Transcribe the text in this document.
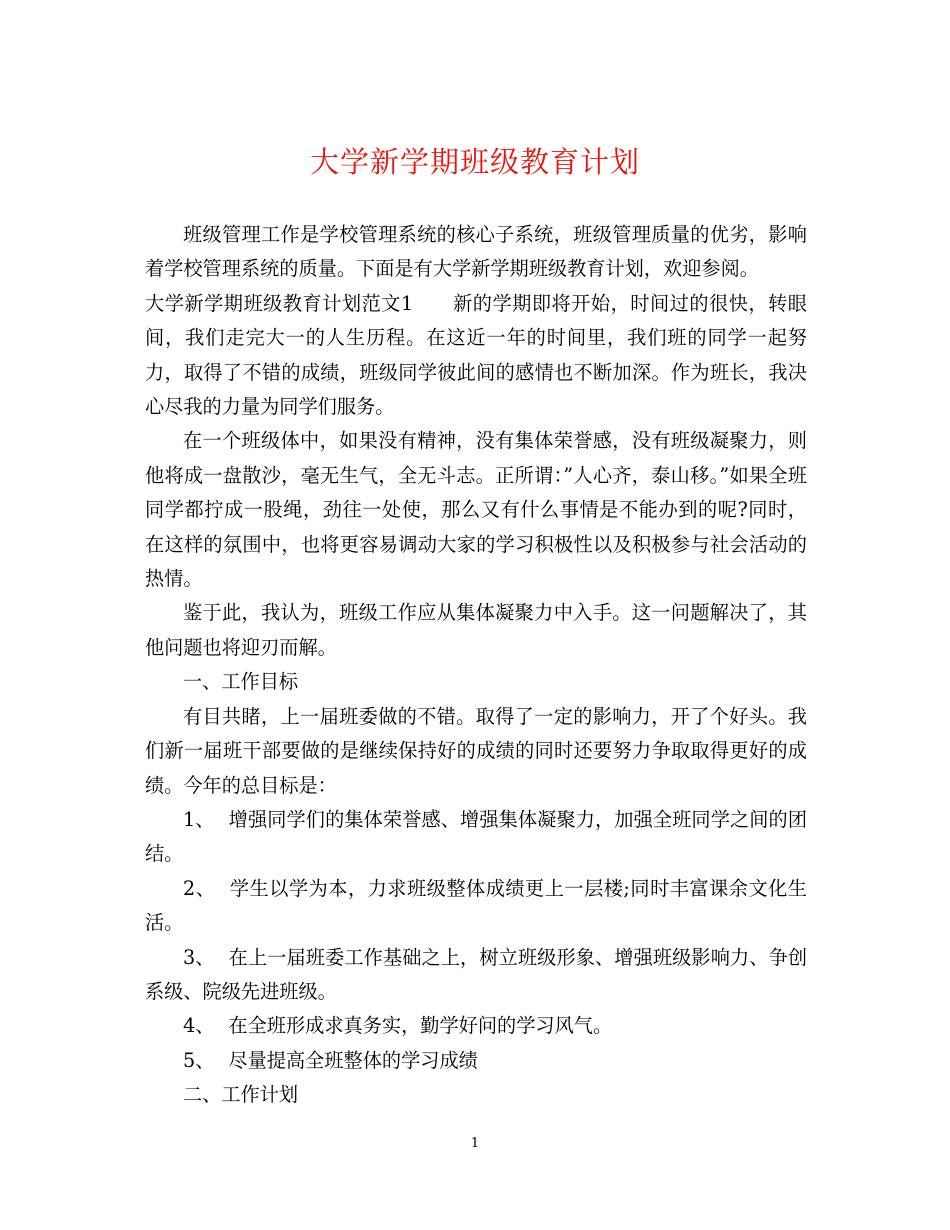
大学新学期班级教育计划

班级管理工作是学校管理系统的核心子系统，班级管理质量的优劣，影响着学校管理系统的质量。下面是有大学新学期班级教育计划，欢迎参阅。

大学新学期班级教育计划范文1　　新的学期即将开始，时间过的很快，转眼间，我们走完大一的人生历程。在这近一年的时间里，我们班的同学一起努力，取得了不错的成绩，班级同学彼此间的感情也不断加深。作为班长，我决心尽我的力量为同学们服务。

在一个班级体中，如果没有精神，没有集体荣誉感，没有班级凝聚力，则他将成一盘散沙，毫无生气，全无斗志。正所谓：”人心齐，泰山移。”如果全班同学都拧成一股绳，劲往一处使，那么又有什么事情是不能办到的呢?同时，在这样的氛围中，也将更容易调动大家的学习积极性以及积极参与社会活动的热情。

鉴于此，我认为，班级工作应从集体凝聚力中入手。这一问题解决了，其他问题也将迎刃而解。

一、工作目标

有目共睹，上一届班委做的不错。取得了一定的影响力，开了个好头。我们新一届班干部要做的是继续保持好的成绩的同时还要努力争取取得更好的成绩。今年的总目标是：

1、 增强同学们的集体荣誉感、增强集体凝聚力，加强全班同学之间的团结。

2、 学生以学为本，力求班级整体成绩更上一层楼;同时丰富课余文化生活。

3、 在上一届班委工作基础之上，树立班级形象、增强班级影响力、争创系级、院级先进班级。

4、 在全班形成求真务实，勤学好问的学习风气。

5、 尽量提高全班整体的学习成绩

二、工作计划

1
